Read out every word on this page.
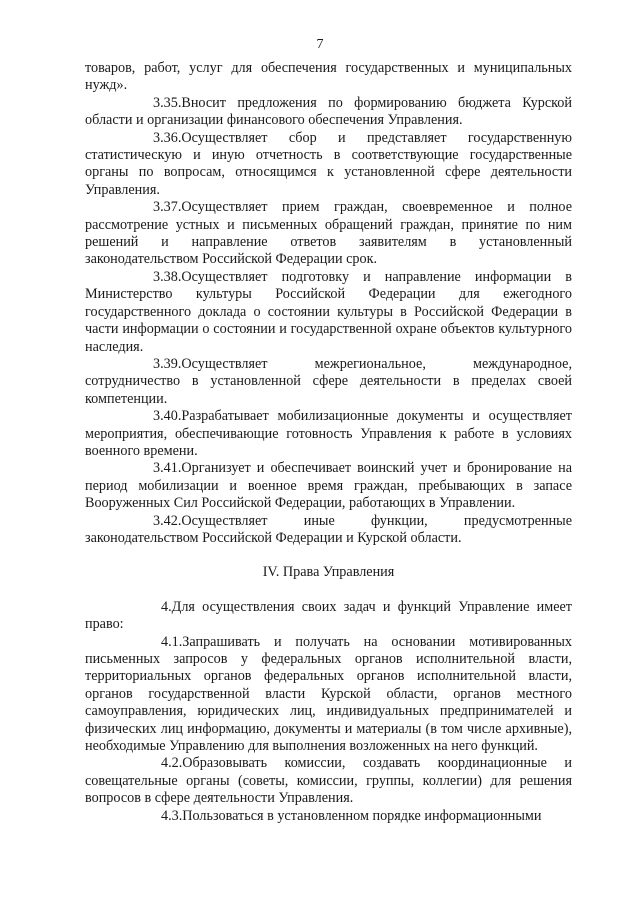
7

товаров, работ, услуг для обеспечения государственных и муниципальных нужд».

3.35.Вносит предложения по формированию бюджета Курской области и организации финансового обеспечения Управления.

3.36.Осуществляет сбор и представляет государственную статистическую и иную отчетность в соответствующие государственные органы по вопросам, относящимся к установленной сфере деятельности Управления.

3.37.Осуществляет прием граждан, своевременное и полное рассмотрение устных и письменных обращений граждан, принятие по ним решений и направление ответов заявителям в установленный законодательством Российской Федерации срок.

3.38.Осуществляет подготовку и направление информации в Министерство культуры Российской Федерации для ежегодного государственного доклада о состоянии культуры в Российской Федерации в части информации о состоянии и государственной охране объектов культурного наследия.

3.39.Осуществляет межрегиональное, международное, сотрудничество в установленной сфере деятельности в пределах своей компетенции.

3.40.Разрабатывает мобилизационные документы и осуществляет мероприятия, обеспечивающие готовность Управления к работе в условиях военного времени.

3.41.Организует и обеспечивает воинский учет и бронирование на период мобилизации и военное время граждан, пребывающих в запасе Вооруженных Сил Российской Федерации, работающих в Управлении.

3.42.Осуществляет иные функции, предусмотренные законодательством Российской Федерации и Курской области.

IV. Права Управления

4.Для осуществления своих задач и функций Управление имеет право:

4.1.Запрашивать и получать на основании мотивированных письменных запросов у федеральных органов исполнительной власти, территориальных органов федеральных органов исполнительной власти, органов государственной власти Курской области, органов местного самоуправления, юридических лиц, индивидуальных предпринимателей и физических лиц информацию, документы и материалы (в том числе архивные), необходимые Управлению для выполнения возложенных на него функций.

4.2.Образовывать комиссии, создавать координационные и совещательные органы (советы, комиссии, группы, коллегии) для решения вопросов в сфере деятельности Управления.

4.3.Пользоваться в установленном порядке информационными
